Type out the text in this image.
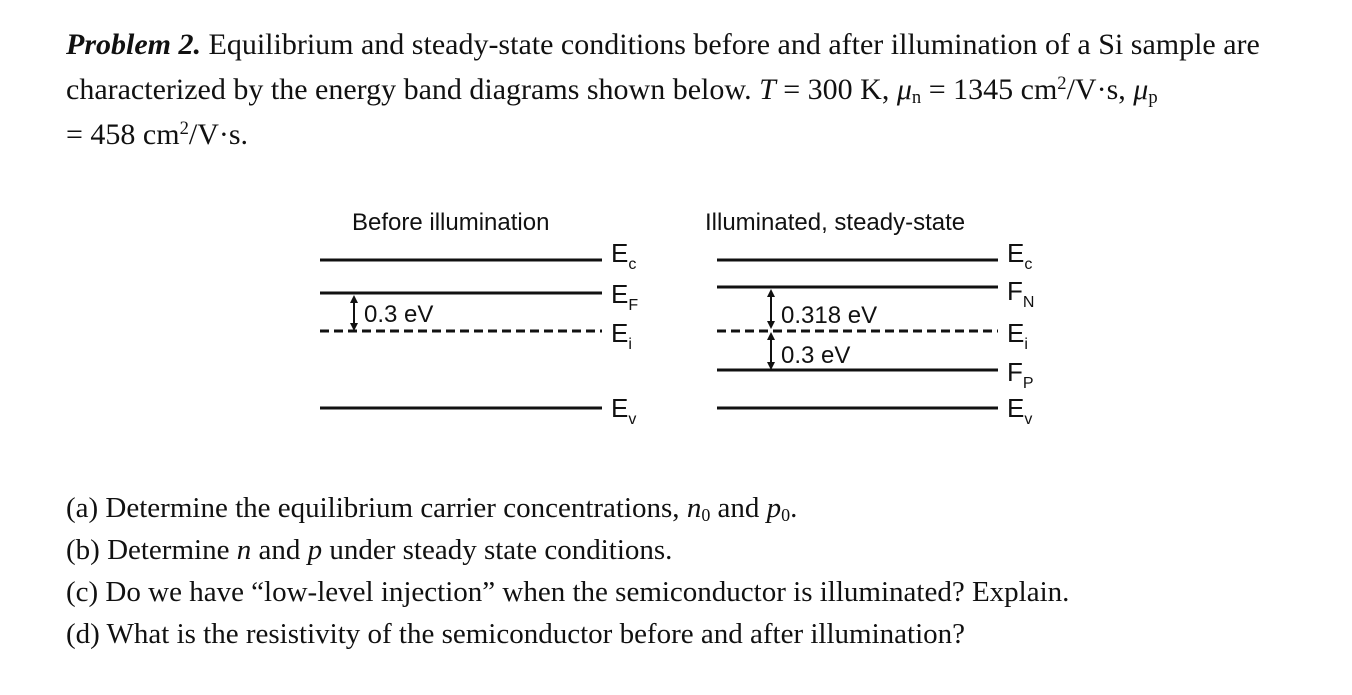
Problem 2. Equilibrium and steady-state conditions before and after illumination of a Si sample are characterized by the energy band diagrams shown below. T = 300 K, $\mu_n = 1345$ $cm^2/V\cdot s$, $\mu_p$
= 458 $cm^2/V\cdot s$.
Before illumination
0.3 eV
$E_c$
$E_F$
$E_i$
$E_v$
Illuminated, steady-state
0.318 eV
0.3 eV
$E_c$
$F_N$
$E_i$
$F_P$
$E_v$
(a) Determine the equilibrium carrier concentrations, $n_0$ and $p_0$.
(b) Determine n and p under steady state conditions.
(c) Do we have “low-level injection” when the semiconductor is illuminated? Explain.
(d) What is the resistivity of the semiconductor before and after illumination?
